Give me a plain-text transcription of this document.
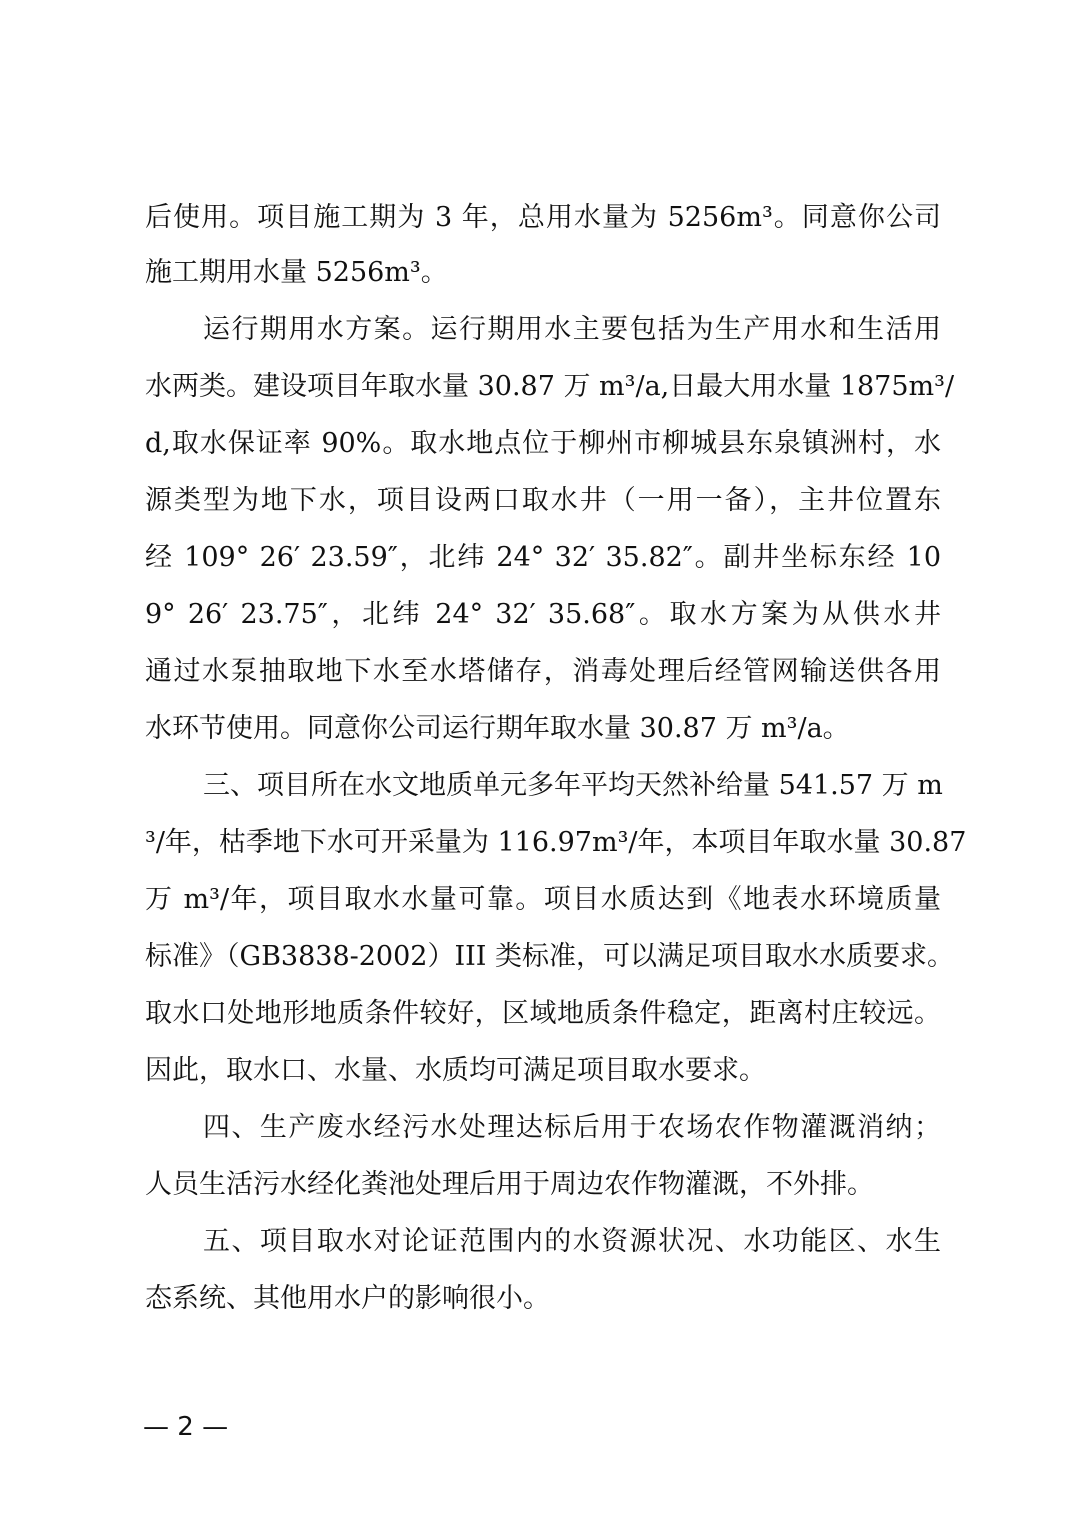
后使用。项目施工期为 3 年，总用水量为 5256m³。同意你公司
施工期用水量 5256m³。
运行期用水方案。运行期用水主要包括为生产用水和生活用
水两类。建设项目年取水量 30.87 万 m³/a,日最大用水量 1875m³/
d,取水保证率 90%。取水地点位于柳州市柳城县东泉镇洲村，水
源类型为地下水，项目设两口取水井（一用一备），主井位置东
经 109° 26′ 23.59″，北纬 24° 32′ 35.82″。副井坐标东经 10
9° 26′ 23.75″，北纬 24° 32′ 35.68″。取水方案为从供水井
通过水泵抽取地下水至水塔储存，消毒处理后经管网输送供各用
水环节使用。同意你公司运行期年取水量 30.87 万 m³/a。
三、项目所在水文地质单元多年平均天然补给量 541.57 万 m
³/年，枯季地下水可开采量为 116.97m³/年，本项目年取水量 30.87
万 m³/年，项目取水水量可靠。项目水质达到《地表水环境质量
标准》（GB3838-2002）III 类标准，可以满足项目取水水质要求。
取水口处地形地质条件较好，区域地质条件稳定，距离村庄较远。
因此，取水口、水量、水质均可满足项目取水要求。
四、生产废水经污水处理达标后用于农场农作物灌溉消纳；
人员生活污水经化粪池处理后用于周边农作物灌溉，不外排。
五、项目取水对论证范围内的水资源状况、水功能区、水生
态系统、其他用水户的影响很小。
— 2 —
